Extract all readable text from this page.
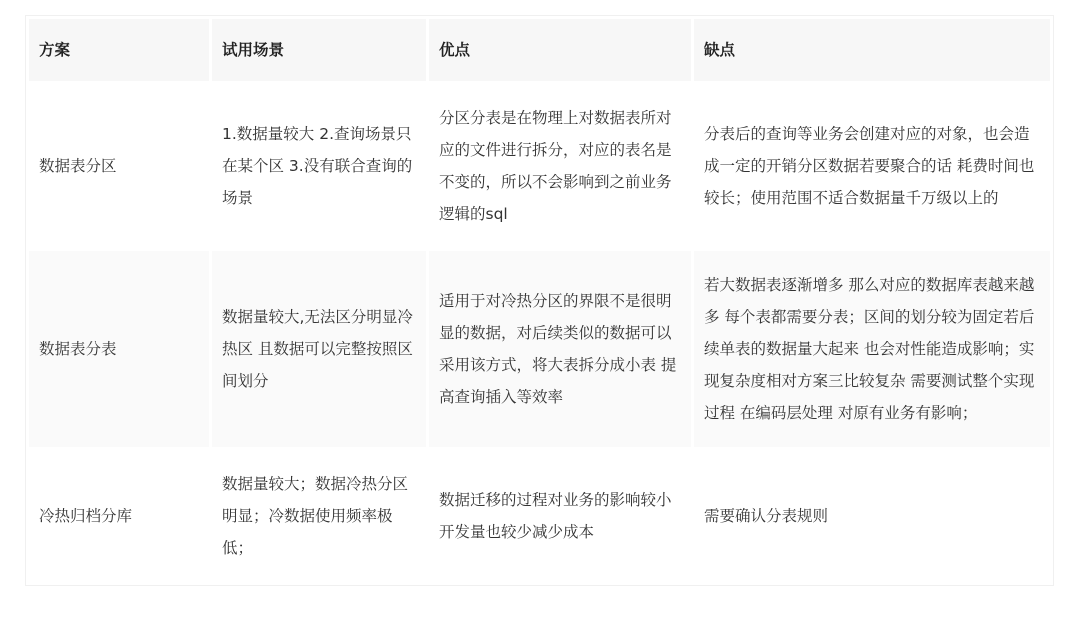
方案	试用场景	优点	缺点
数据表分区	1.数据量较大 2.查询场景只在某个区 3.没有联合查询的场景	分区分表是在物理上对数据表所对应的文件进行拆分，对应的表名是不变的，所以不会影响到之前业务逻辑的sql	分表后的查询等业务会创建对应的对象，也会造成一定的开销分区数据若要聚合的话 耗费时间也较长；使用范围不适合数据量千万级以上的
数据表分表	数据量较大,无法区分明显冷热区 且数据可以完整按照区间划分	适用于对冷热分区的界限不是很明显的数据，对后续类似的数据可以采用该方式，将大表拆分成小表 提高查询插入等效率	若大数据表逐渐增多 那么对应的数据库表越来越多 每个表都需要分表；区间的划分较为固定若后续单表的数据量大起来 也会对性能造成影响；实现复杂度相对方案三比较复杂 需要测试整个实现过程 在编码层处理 对原有业务有影响；
冷热归档分库	数据量较大；数据冷热分区明显；冷数据使用频率极低；	数据迁移的过程对业务的影响较小 开发量也较少减少成本	需要确认分表规则
